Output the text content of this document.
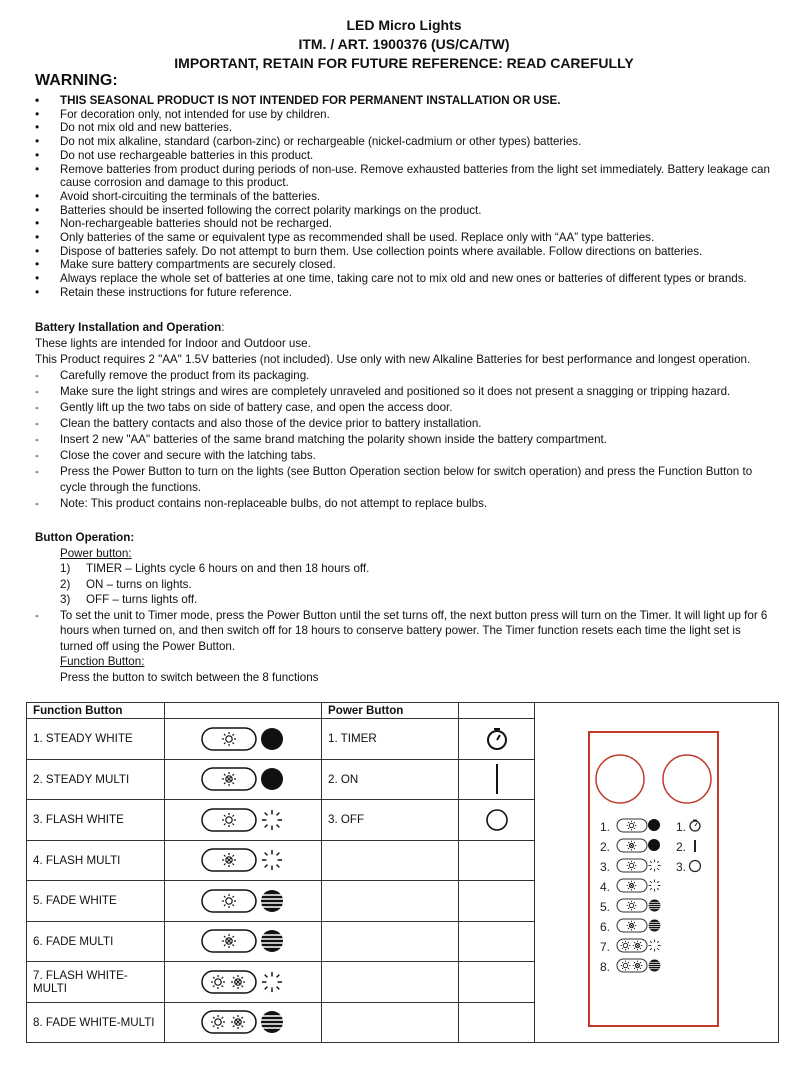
LED Micro Lights
ITM. / ART. 1900376 (US/CA/TW)
IMPORTANT, RETAIN FOR FUTURE REFERENCE: READ CAREFULLY
WARNING:
• THIS SEASONAL PRODUCT IS NOT INTENDED FOR PERMANENT INSTALLATION OR USE.
• For decoration only, not intended for use by children.
• Do not mix old and new batteries.
• Do not mix alkaline, standard (carbon-zinc) or rechargeable (nickel-cadmium or other types) batteries.
• Do not use rechargeable batteries in this product.
• Remove batteries from product during periods of non-use. Remove exhausted batteries from the light set immediately. Battery leakage can cause corrosion and damage to this product.
• Avoid short-circuiting the terminals of the batteries.
• Batteries should be inserted following the correct polarity markings on the product.
• Non-rechargeable batteries should not be recharged.
• Only batteries of the same or equivalent type as recommended shall be used. Replace only with “AA” type batteries.
• Dispose of batteries safely. Do not attempt to burn them. Use collection points where available. Follow directions on batteries.
• Make sure battery compartments are securely closed.
• Always replace the whole set of batteries at one time, taking care not to mix old and new ones or batteries of different types or brands.
• Retain these instructions for future reference.
Battery Installation and Operation:
These lights are intended for Indoor and Outdoor use.
This Product requires 2 "AA" 1.5V batteries (not included). Use only with new Alkaline Batteries for best performance and longest operation.
- Carefully remove the product from its packaging.
- Make sure the light strings and wires are completely unraveled and positioned so it does not present a snagging or tripping hazard.
- Gently lift up the two tabs on side of battery case, and open the access door.
- Clean the battery contacts and also those of the device prior to battery installation.
- Insert 2 new "AA" batteries of the same brand matching the polarity shown inside the battery compartment.
- Close the cover and secure with the latching tabs.
- Press the Power Button to turn on the lights (see Button Operation section below for switch operation) and press the Function Button to cycle through the functions.
- Note: This product contains non-replaceable bulbs, do not attempt to replace bulbs.
Button Operation:
Power button:
1) TIMER – Lights cycle 6 hours on and then 18 hours off.
2) ON – turns on lights.
3) OFF – turns lights off.
- To set the unit to Timer mode, press the Power Button until the set turns off, the next button press will turn on the Timer. It will light up for 6 hours when turned on, and then switch off for 18 hours to conserve battery power. The Timer function resets each time the light set is turned off using the Power Button.
Function Button:
Press the button to switch between the 8 functions
Function Button		Power Button		
1. STEADY WHITE		1. TIMER	

2. STEADY MULTI		2. ON	

3. FLASH WHITE		3. OFF	

4. FLASH MULTI	

5. FADE WHITE	

6. FADE MULTI	

7. FLASH WHITE-MULTI	

8. FADE WHITE-MULTI	

1.
2.
3.
4.
5.
6.
7.
8.
1.
2.
3.
